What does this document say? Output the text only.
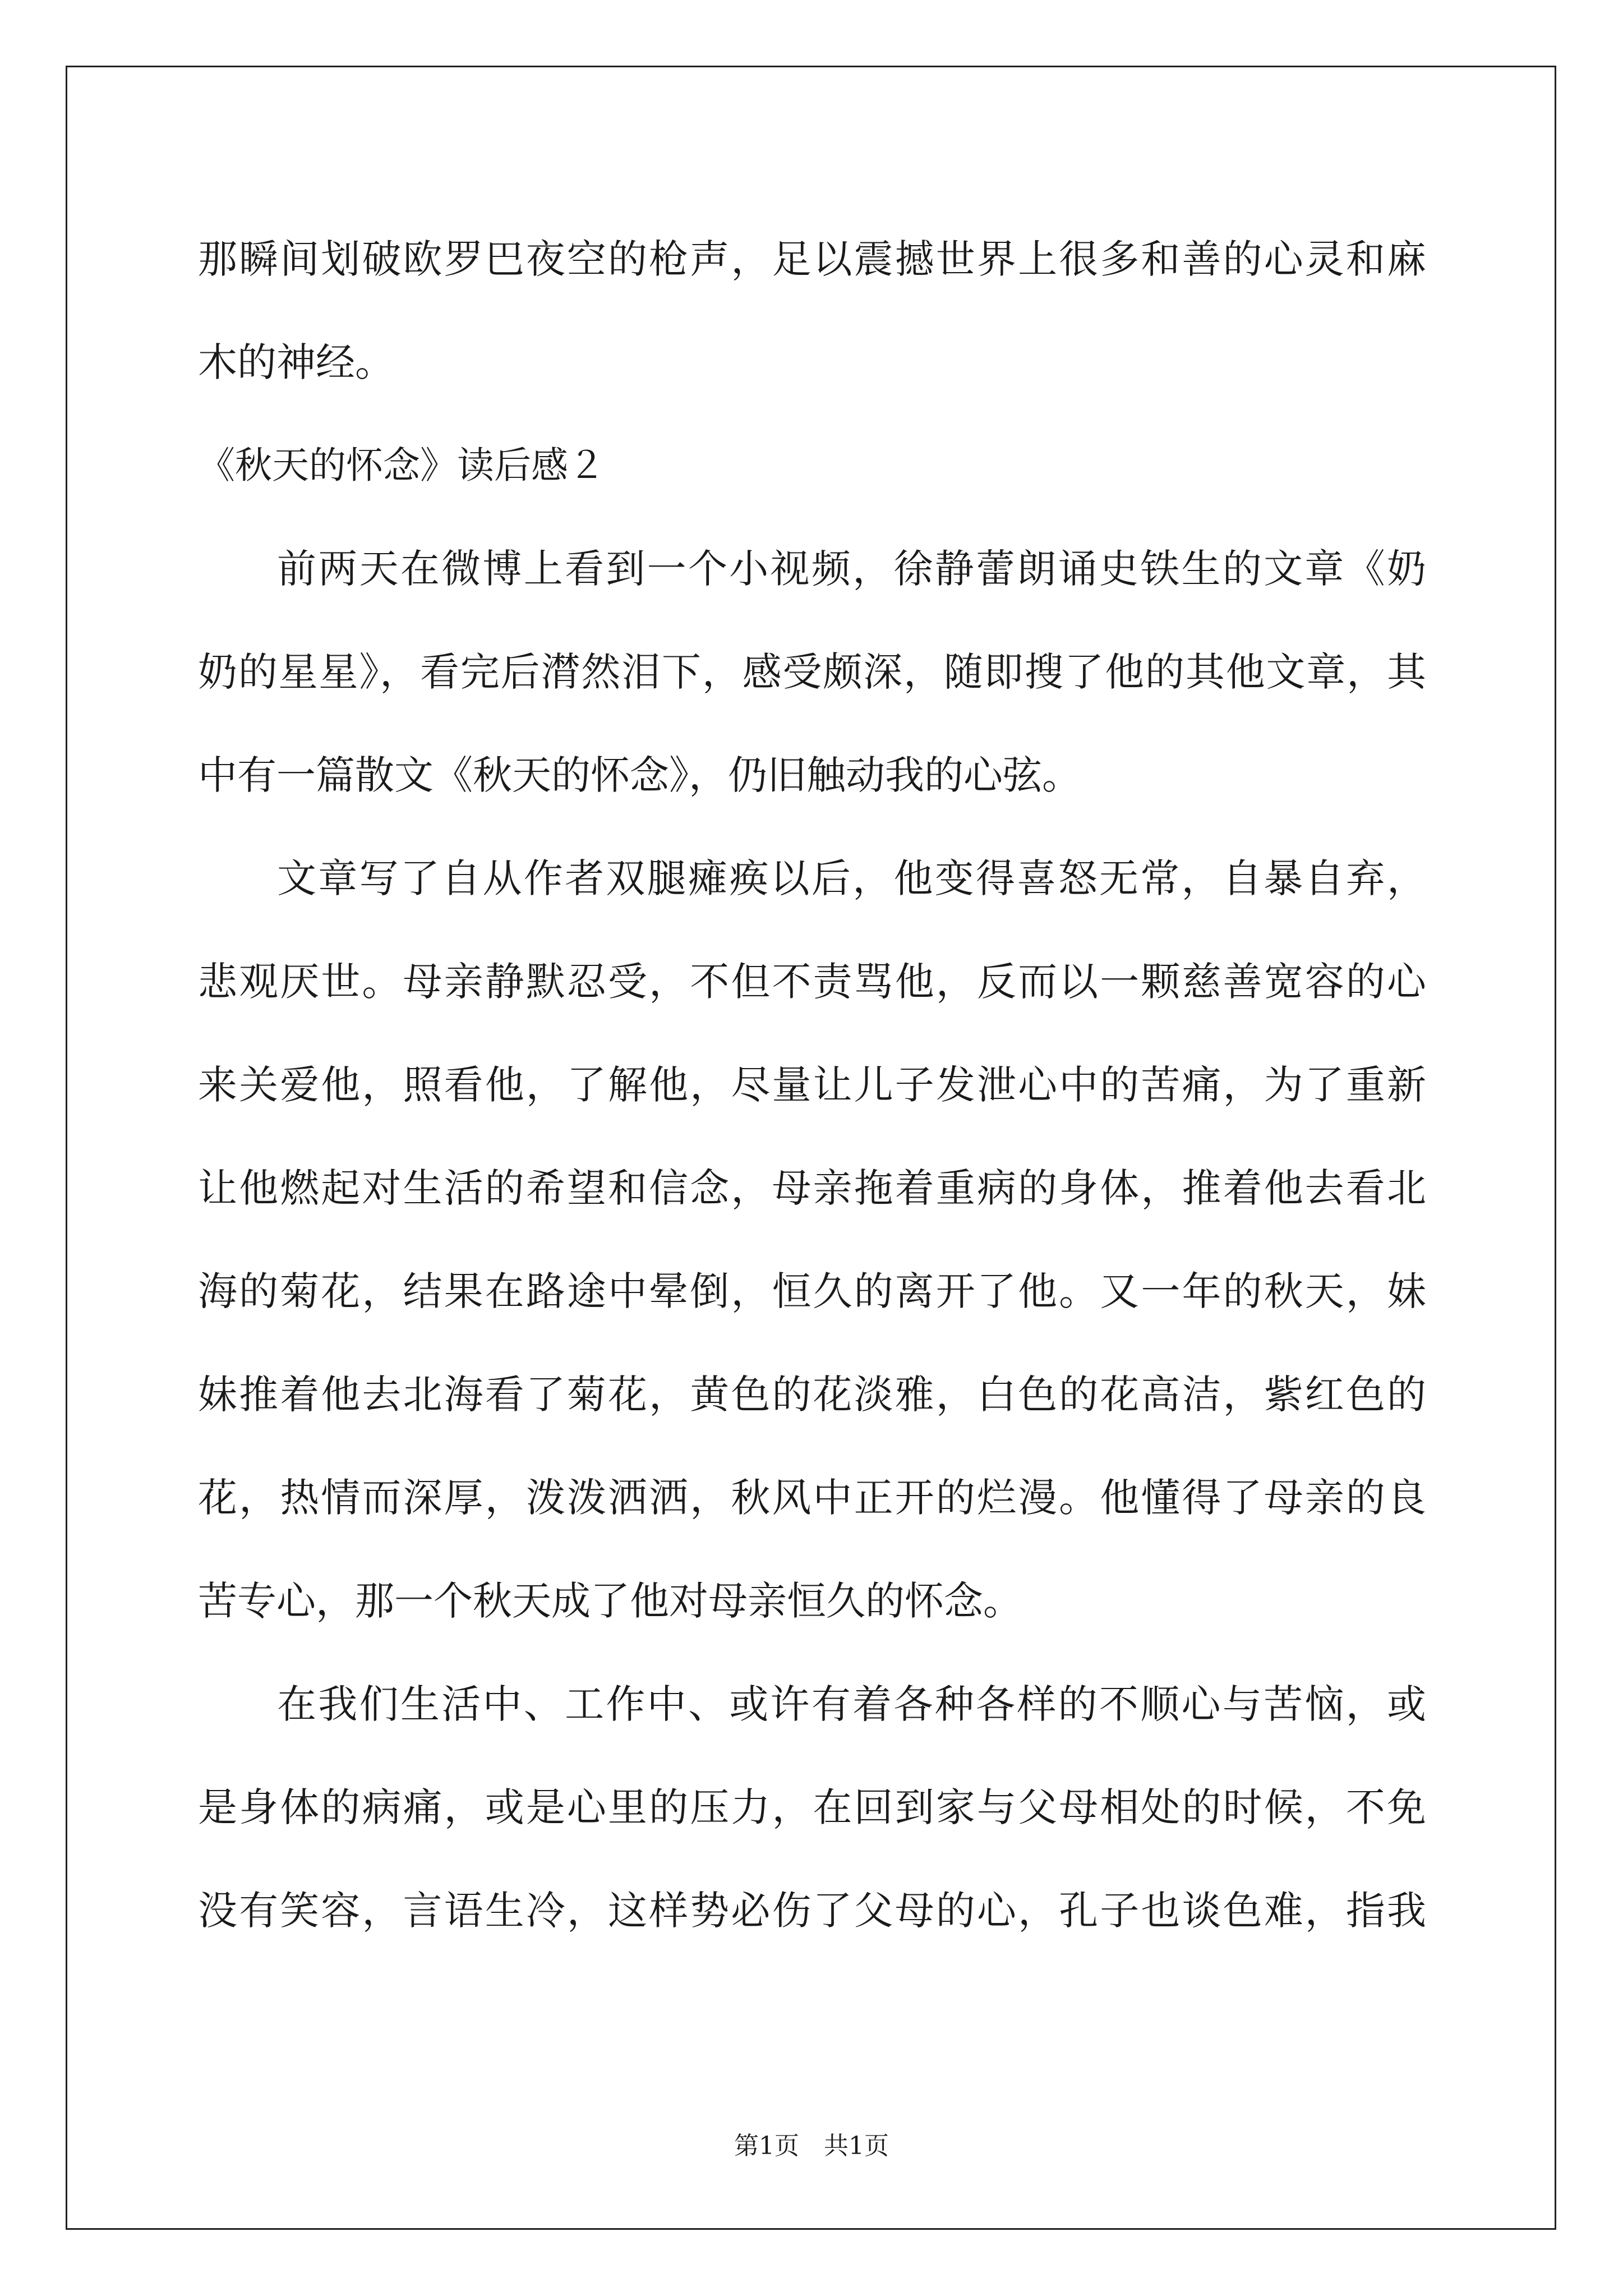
那瞬间划破欧罗巴夜空的枪声，足以震撼世界上很多和善的心灵和麻
木的神经。
《秋天的怀念》读后感２
前两天在微博上看到一个小视频，徐静蕾朗诵史铁生的文章《奶
奶的星星》，看完后潸然泪下，感受颇深，随即搜了他的其他文章，其
中有一篇散文《秋天的怀念》，仍旧触动我的心弦。
文章写了自从作者双腿瘫痪以后，他变得喜怒无常，自暴自弃，
悲观厌世。母亲静默忍受，不但不责骂他，反而以一颗慈善宽容的心
来关爱他，照看他，了解他，尽量让儿子发泄心中的苦痛，为了重新
让他燃起对生活的希望和信念，母亲拖着重病的身体，推着他去看北
海的菊花，结果在路途中晕倒，恒久的离开了他。又一年的秋天，妹
妹推着他去北海看了菊花，黄色的花淡雅，白色的花高洁，紫红色的
花，热情而深厚，泼泼洒洒，秋风中正开的烂漫。他懂得了母亲的良
苦专心，那一个秋天成了他对母亲恒久的怀念。
在我们生活中、工作中、或许有着各种各样的不顺心与苦恼，或
是身体的病痛，或是心里的压力，在回到家与父母相处的时候，不免
没有笑容，言语生冷，这样势必伤了父母的心，孔子也谈色难，指我
第1页 共1页
